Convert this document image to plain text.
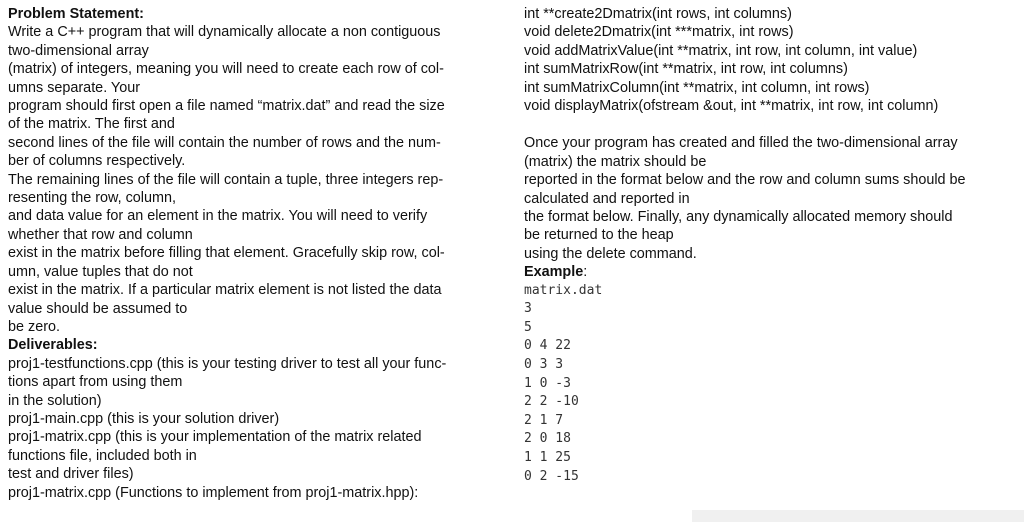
Problem Statement:
Write a C++ program that will dynamically allocate a non contiguous
two-dimensional array
(matrix) of integers, meaning you will need to create each row of col-
umns separate. Your
program should first open a file named “matrix.dat” and read the size
of the matrix. The first and
second lines of the file will contain the number of rows and the num-
ber of columns respectively.
The remaining lines of the file will contain a tuple, three integers rep-
resenting the row, column,
and data value for an element in the matrix. You will need to verify
whether that row and column
exist in the matrix before filling that element. Gracefully skip row, col-
umn, value tuples that do not
exist in the matrix. If a particular matrix element is not listed the data
value should be assumed to
be zero.
Deliverables:
proj1-testfunctions.cpp (this is your testing driver to test all your func-
tions apart from using them
in the solution)
proj1-main.cpp (this is your solution driver)
proj1-matrix.cpp (this is your implementation of the matrix related
functions file, included both in
test and driver files)
proj1-matrix.cpp (Functions to implement from proj1-matrix.hpp):
int **create2Dmatrix(int rows, int columns)
void delete2Dmatrix(int ***matrix, int rows)
void addMatrixValue(int **matrix, int row, int column, int value)
int sumMatrixRow(int **matrix, int row, int columns)
int sumMatrixColumn(int **matrix, int column, int rows)
void displayMatrix(ofstream &out, int **matrix, int row, int column)
Once your program has created and filled the two-dimensional array
(matrix) the matrix should be
reported in the format below and the row and column sums should be
calculated and reported in
the format below. Finally, any dynamically allocated memory should
be returned to the heap
using the delete command.
Example:
matrix.dat
3
5
0 4 22
0 3 3
1 0 -3
2 2 -10
2 1 7
2 0 18
1 1 25
0 2 -15
